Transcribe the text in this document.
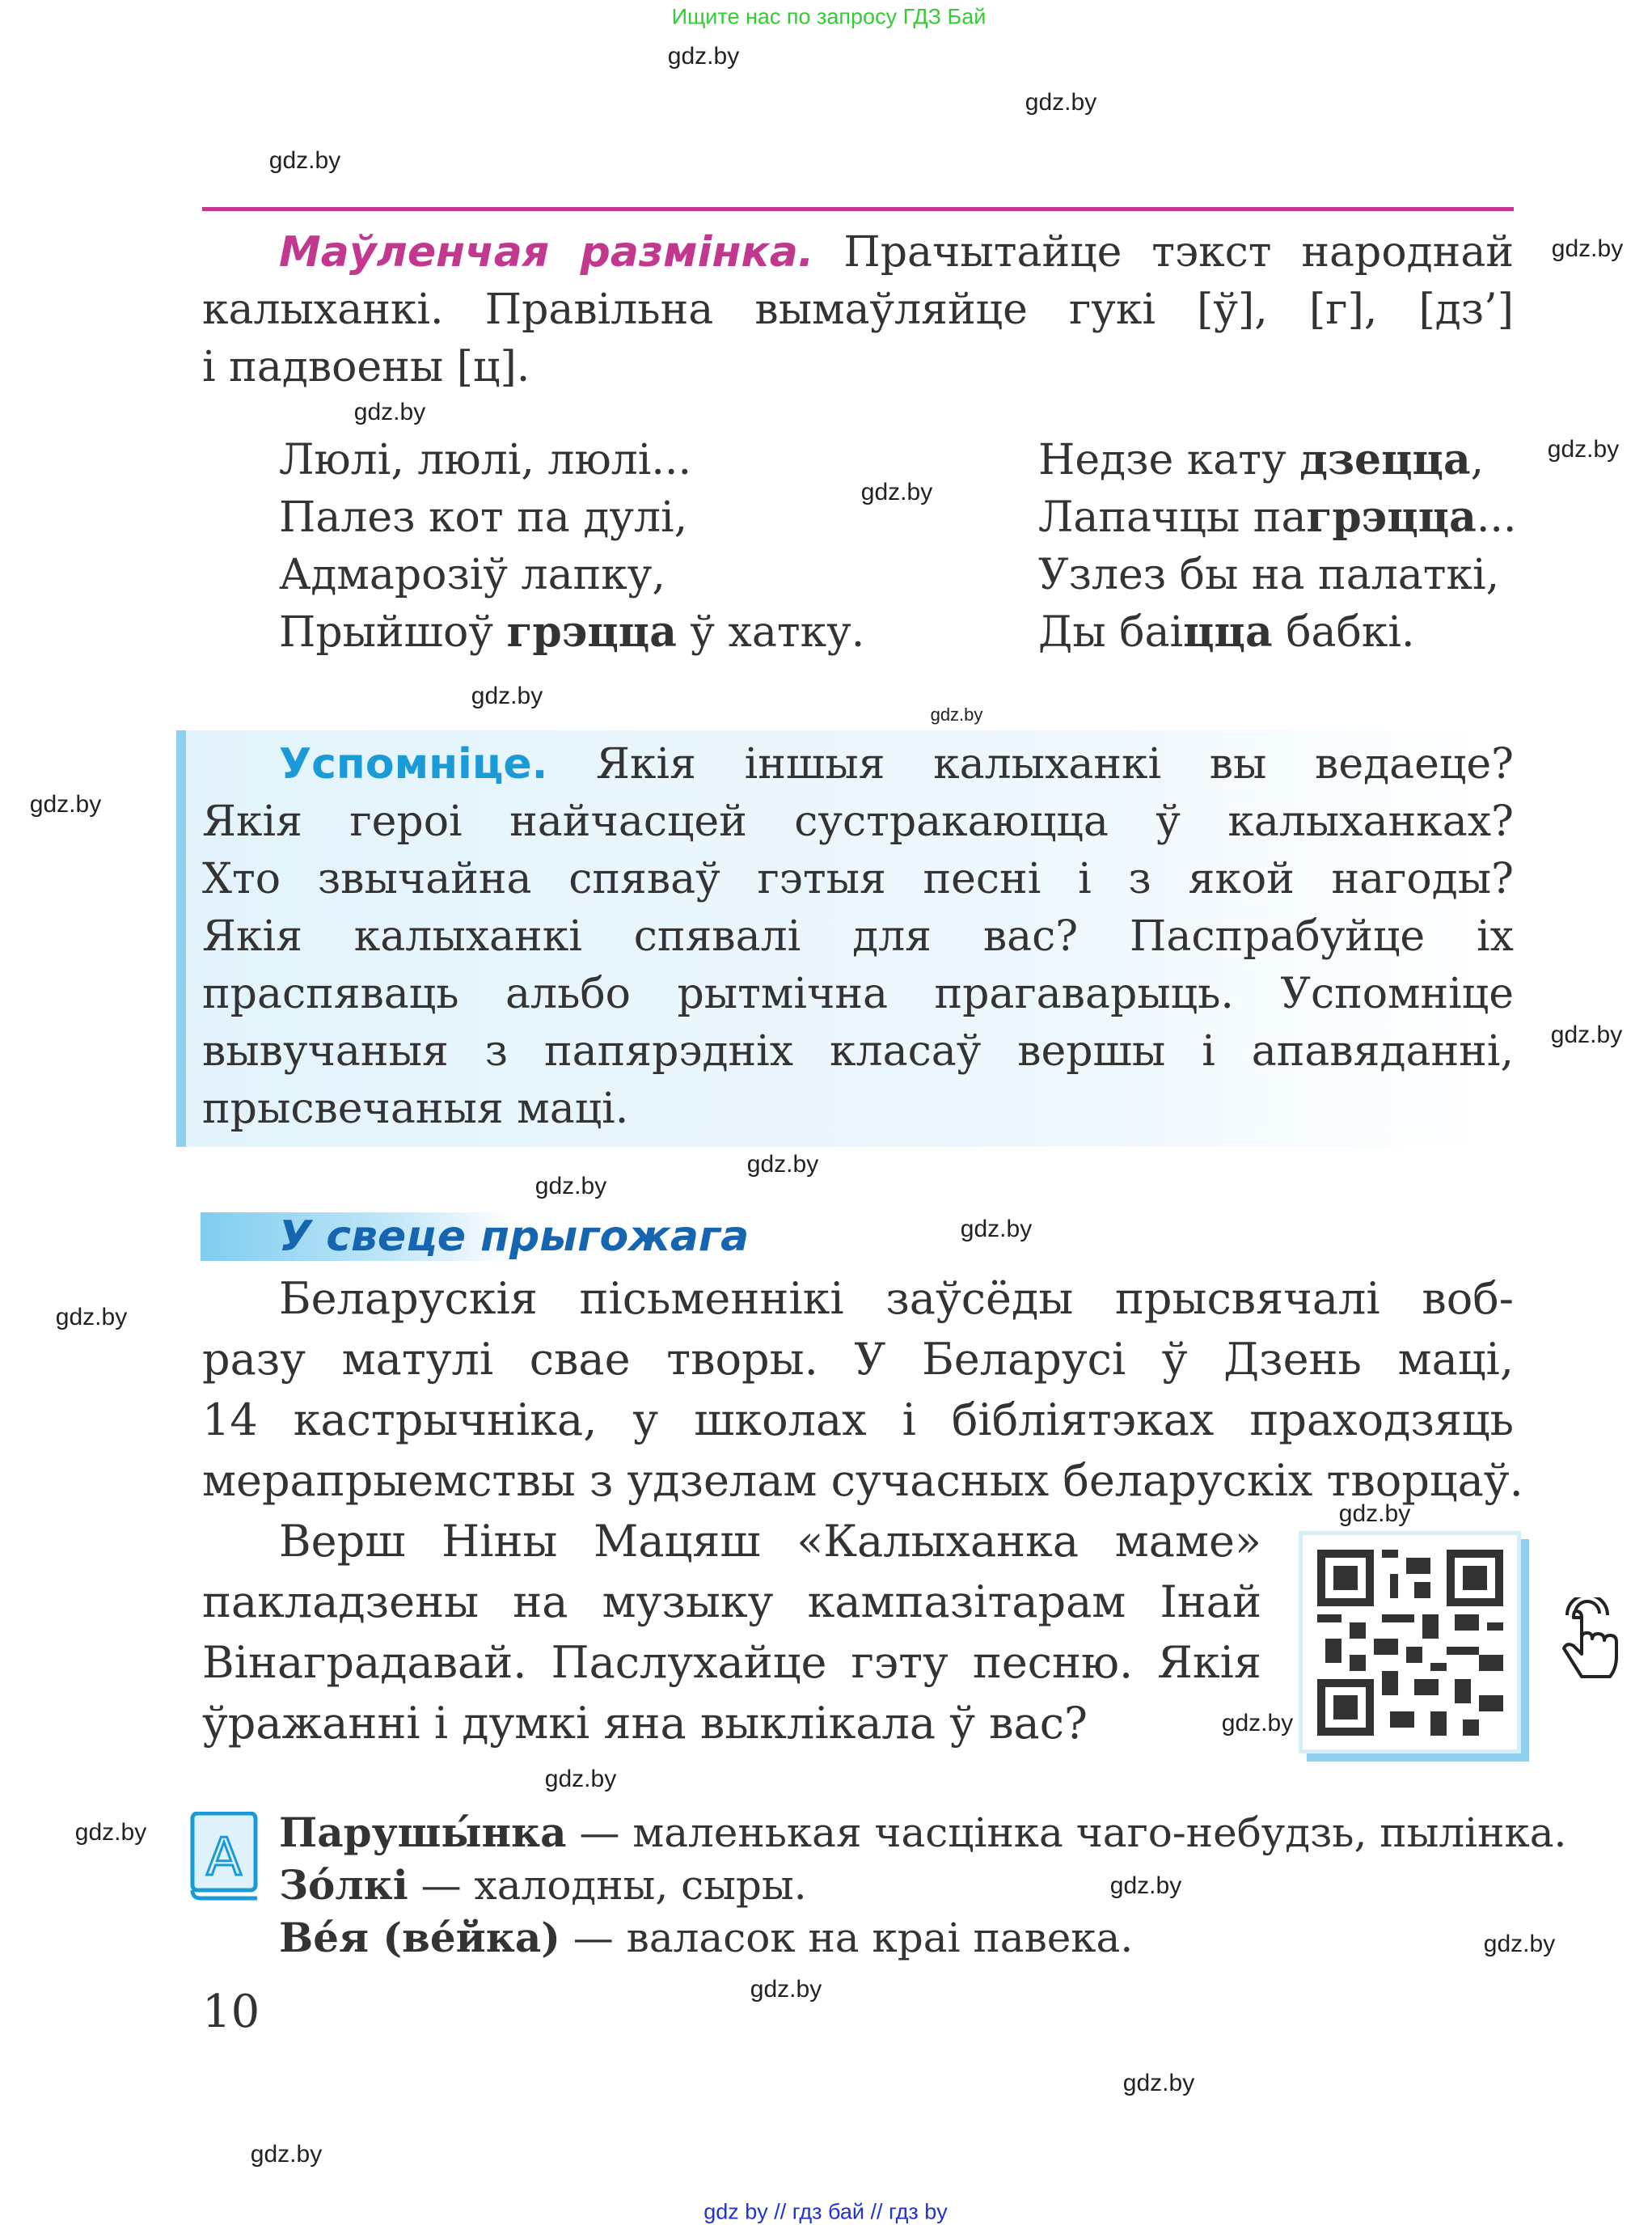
Ищите нас по запросу ГДЗ Бай
gdz.by
gdz.by
gdz.by
gdz.by
gdz.by
gdz.by
gdz.by
gdz.by
gdz.by
gdz.by
gdz.by
gdz.by
gdz.by
gdz.by
gdz.by
gdz.by
gdz.by
gdz.by
gdz.by
Маўленчая размінка. Прачытайце тэкст народнай
калыханкі. Правільна вымаўляйце гукі [ў], [г], [дз’]
і падвоены [ц].
Люлі, люлі, люлі...
Палез кот па дулі,
Адмарозіў лапку,
Прыйшоў грэцца ў хатку.
Недзе кату дзецца,
Лапачцы пагрэцца...
Узлез бы на палаткі,
Ды баіцца бабкі.
gdz.by
Успомніце. Якія іншыя калыханкі вы ведаеце?
Якія героі найчасцей сустракаюцца ў калыханках?
Хто звычайна спяваў гэтыя песні і з якой нагоды?
Якія калыханкі спявалі для вас? Паспрабуйце іх
праспяваць альбо рытмічна прагаварыць. Успомніце
вывучаныя з папярэдніх класаў вершы і апавяданні,
прысвечаныя маці.
gdz.by
gdz.by
У свеце прыгожага
Беларускія пісьменнікі заўсёды прысвячалі воб-
разу матулі свае творы. У Беларусі ў Дзень маці,
14 кастрычніка, у школах і бібліятэках праходзяць
мерапрыемствы з удзелам сучасных беларускіх творцаў.
Верш Ніны Мацяш «Калыханка маме»
пакладзены на музыку кампазітарам Інай
Вінаградавай. Паслухайце гэту песню. Якія
ўражанні і думкі яна выклікала ў вас?
gdz.by
gdz.by
А Парушы́нка — маленькая часцінка чаго-небудзь, пылінка.
Зо́лкі — халодны, сыры.
Ве́я (ве́йка) — валасок на краі павека.
10
gdz by // гдз бай // гдз by
